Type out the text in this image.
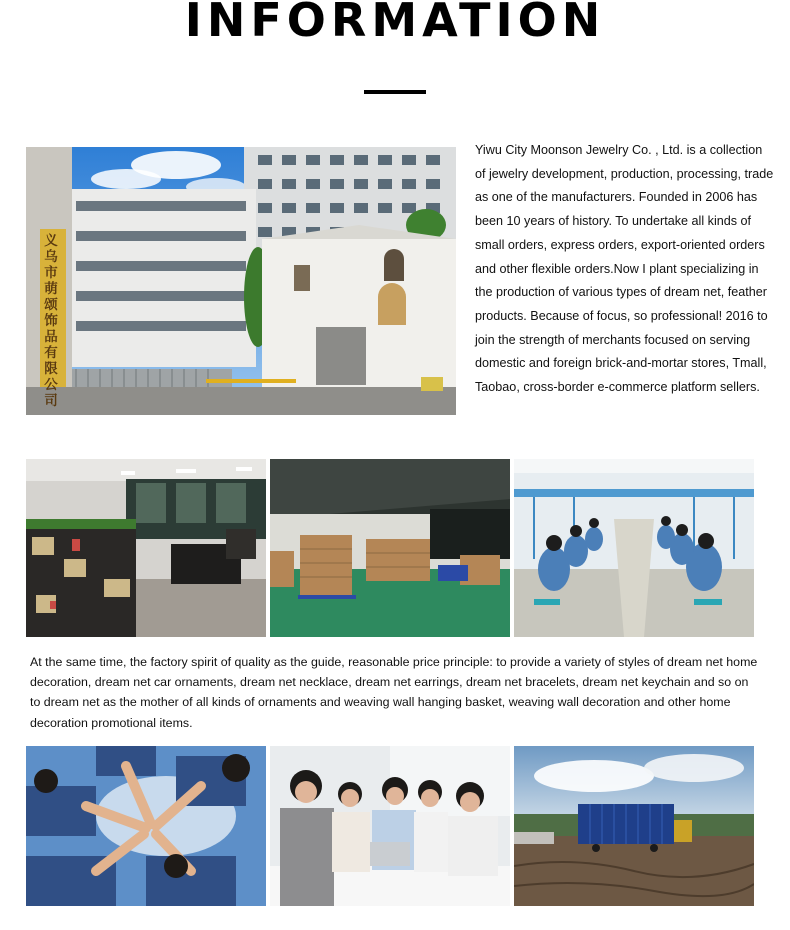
INFORMATION
义乌市萌颂饰品有限公司

Yiwu City Moonson Jewelry Co. , Ltd. is a collection of jewelry development, production, processing, trade as one of the manufacturers. Founded in 2006 has been 10 years of history. To undertake all kinds of small orders, express orders, export-oriented orders and other flexible orders.Now I plant specializing in the production of various types of dream net, feather products. Because of focus, so professional! 2016 to join the strength of merchants focused on serving domestic and foreign brick-and-mortar stores, Tmall, Taobao, cross-border e-commerce platform sellers.

At the same time, the factory spirit of quality as the guide, reasonable price principle: to provide a variety of styles of dream net home decoration, dream net car ornaments, dream net necklace, dream net earrings, dream net bracelets, dream net keychain and so on to dream net as the mother of all kinds of ornaments and weaving wall hanging basket, weaving wall decoration and other home decoration promotional items.
